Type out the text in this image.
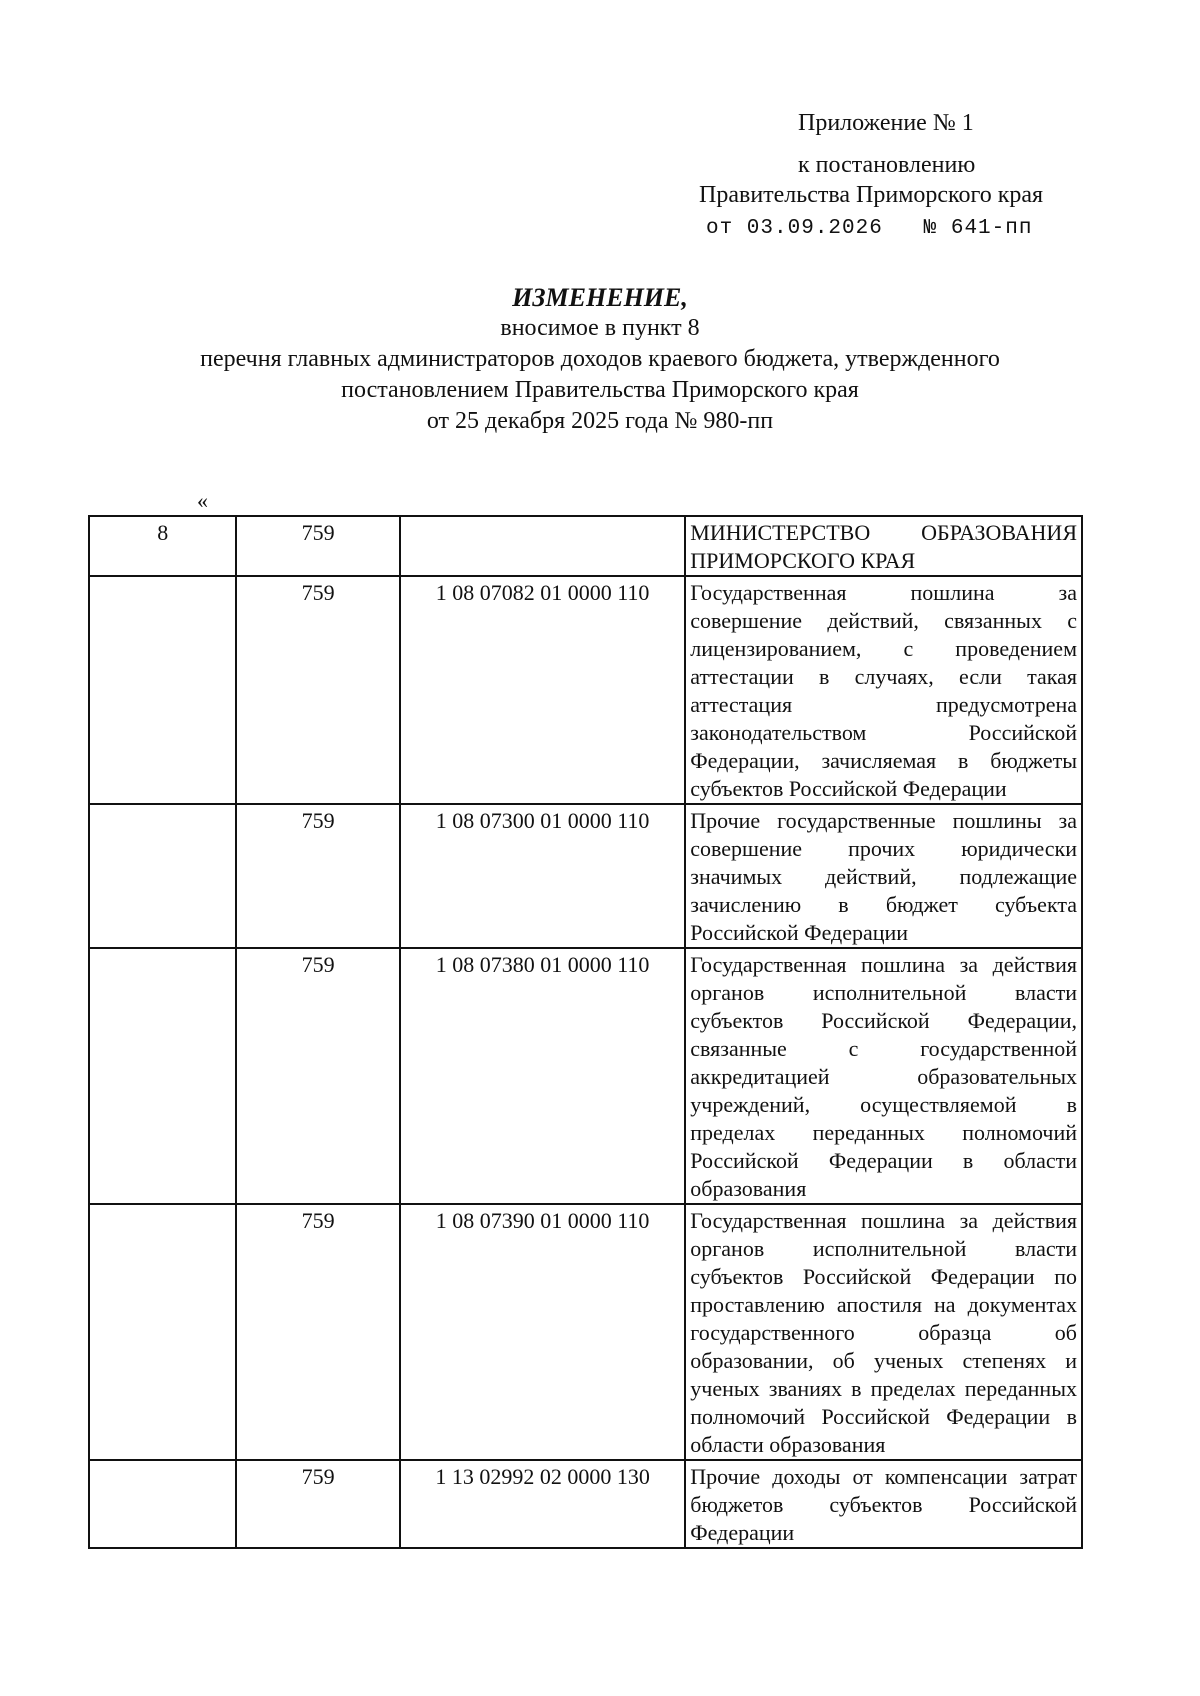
Приложение № 1
к постановлению
Правительства Приморского края
от 03.09.2026   № 641-пп
ИЗМЕНЕНИЕ,
вносимое в пункт 8
перечня главных администраторов доходов краевого бюджета, утвержденного
постановлением Правительства Приморского края
от 25 декабря 2025 года № 980-пп
«
8	759		МИНИСТЕРСТВО ОБРАЗОВАНИЯ ПРИМОРСКОГО КРАЯ
	759	1 08 07082 01 0000 110	Государственная пошлина за совершение действий, связанных с лицензированием, с проведением аттестации в случаях, если такая аттестация предусмотрена законодательством Российской Федерации, зачисляемая в бюджеты субъектов Российской Федерации
	759	1 08 07300 01 0000 110	Прочие государственные пошлины за совершение прочих юридически значимых действий, подлежащие зачислению в бюджет субъекта Российской Федерации
	759	1 08 07380 01 0000 110	Государственная пошлина за действия органов исполнительной власти субъектов Российской Федерации, связанные с государственной аккредитацией образовательных учреждений, осуществляемой в пределах переданных полномочий Российской Федерации в области образования
	759	1 08 07390 01 0000 110	Государственная пошлина за действия органов исполнительной власти субъектов Российской Федерации по проставлению апостиля на документах государственного образца об образовании, об ученых степенях и ученых званиях в пределах переданных полномочий Российской Федерации в области образования
	759	1 13 02992 02 0000 130	Прочие доходы от компенсации затрат бюджетов субъектов Российской Федерации
